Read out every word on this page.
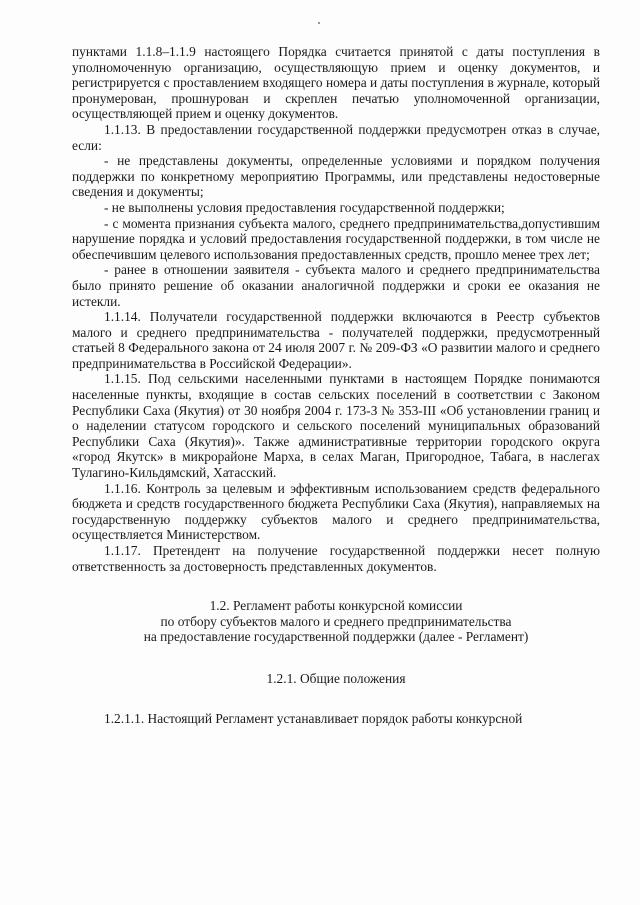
пунктами 1.1.8–1.1.9 настоящего Порядка считается принятой с даты поступления в уполномоченную организацию, осуществляющую прием и оценку документов, и регистрируется с проставлением входящего номера и даты поступления в журнале, который пронумерован, прошнурован и скреплен печатью уполномоченной организации, осуществляющей прием и оценку документов.

1.1.13. В предоставлении государственной поддержки предусмотрен отказ в случае, если:

- не представлены документы, определенные условиями и порядком получения поддержки по конкретному мероприятию Программы, или представлены недостоверные сведения и документы;

- не выполнены условия предоставления государственной поддержки;

- с момента признания субъекта малого, среднего предпринимательства,допустившим нарушение порядка и условий предоставления государственной поддержки, в том числе не обеспечившим целевого использования предоставленных средств, прошло менее трех лет;

- ранее в отношении заявителя - субъекта малого и среднего предпринимательства было принято решение об оказании аналогичной поддержки и сроки ее оказания не истекли.

1.1.14. Получатели государственной поддержки включаются в Реестр субъектов малого и среднего предпринимательства - получателей поддержки, предусмотренный статьей 8 Федерального закона от 24 июля 2007 г. № 209-ФЗ «О развитии малого и среднего предпринимательства в Российской Федерации».

1.1.15. Под сельскими населенными пунктами в настоящем Порядке понимаются населенные пункты, входящие в состав сельских поселений в соответствии с Законом Республики Саха (Якутия) от 30 ноября 2004 г. 173-З № 353-III «Об установлении границ и о наделении статусом городского и сельского поселений муниципальных образований Республики Саха (Якутия)». Также административные территории городского округа «город Якутск» в микрорайоне Марха, в селах Маган, Пригородное, Табага, в наслегах Тулагино-Кильдямский, Хатасский.

1.1.16. Контроль за целевым и эффективным использованием средств федерального бюджета и средств государственного бюджета Республики Саха (Якутия), направляемых на государственную поддержку субъектов малого и среднего предпринимательства, осуществляется Министерством.

1.1.17. Претендент на получение государственной поддержки несет полную ответственность за достоверность представленных документов.

1.2. Регламент работы конкурсной комиссии

по отбору субъектов малого и среднего предпринимательства

на предоставление государственной поддержки (далее - Регламент)

1.2.1. Общие положения

1.2.1.1. Настоящий Регламент устанавливает порядок работы конкурсной
